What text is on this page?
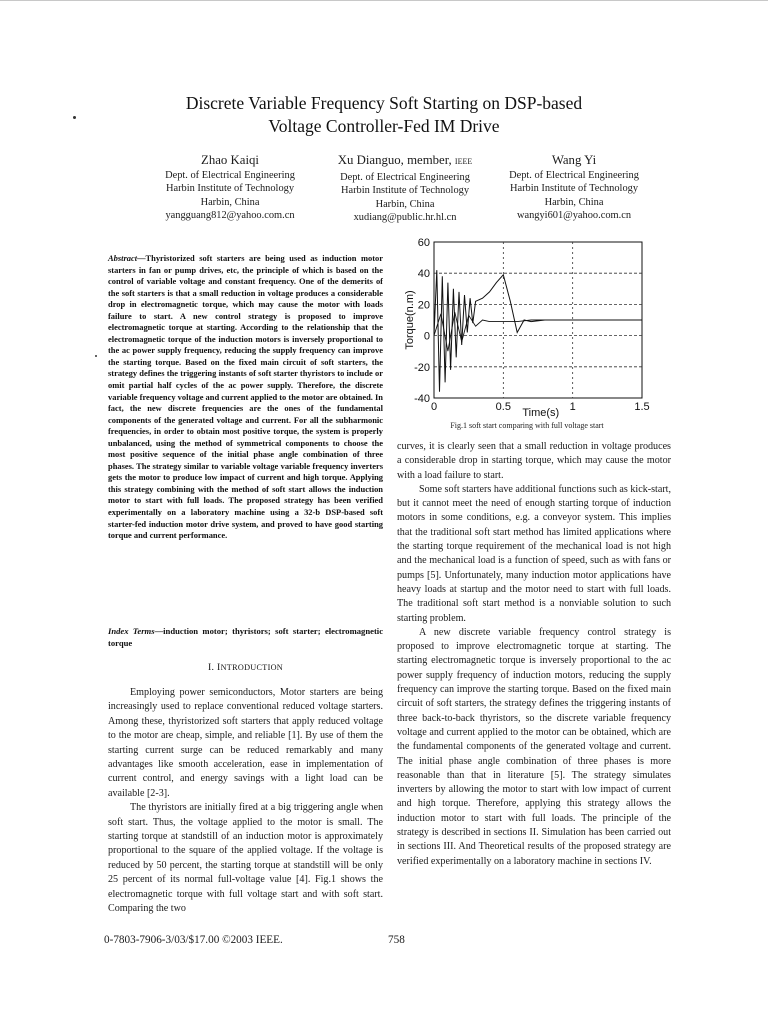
Discrete Variable Frequency Soft Starting on DSP-based
Voltage Controller-Fed IM Drive
Zhao Kaiqi
Dept. of Electrical Engineering
Harbin Institute of Technology
Harbin, China
yangguang812@yahoo.com.cn
Xu Dianguo, member, IEEE
Dept. of Electrical Engineering
Harbin Institute of Technology
Harbin, China
xudiang@public.hr.hl.cn
Wang Yi
Dept. of Electrical Engineering
Harbin Institute of Technology
Harbin, China
wangyi601@yahoo.com.cn
Abstract—Thyristorized soft starters are being used as induction motor starters in fan or pump drives, etc, the principle of which is based on the control of variable voltage and constant frequency. One of the demerits of the soft starters is that a small reduction in voltage produces a considerable drop in electromagnetic torque, which may cause the motor with loads failure to start. A new control strategy is proposed to improve electromagnetic torque at starting. According to the relationship that the electromagnetic torque of the induction motors is inversely proportional to the ac power supply frequency, reducing the supply frequency can improve the starting torque. Based on the fixed main circuit of soft starters, the strategy defines the triggering instants of soft starter thyristors to include or omit partial half cycles of the ac power supply. Therefore, the discrete variable frequency voltage and current applied to the motor are obtained. In fact, the new discrete frequencies are the ones of the fundamental components of the generated voltage and current. For all the subharmonic frequencies, in order to obtain most positive torque, the system is properly unbalanced, using the method of symmetrical components to choose the most positive sequence of the initial phase angle combination of three phases. The strategy similar to variable voltage variable frequency inverters gets the motor to produce low impact of current and high torque. Applying this strategy combining with the method of soft start allows the induction motor to start with full loads. The proposed strategy has been verified experimentally on a laboratory machine using a 32-b DSP-based soft starter-fed induction motor drive system, and proved to have good starting torque and current performance.
Index Terms—induction motor; thyristors; soft starter; electromagnetic torque
I. INTRODUCTION

Employing power semiconductors, Motor starters are being increasingly used to replace conventional reduced voltage starters. Among these, thyristorized soft starters that apply reduced voltage to the motor are cheap, simple, and reliable [1]. By use of them the starting current surge can be reduced remarkably and many advantages like smooth acceleration, ease in implementation of current control, and energy savings with a light load can be available [2-3].

The thyristors are initially fired at a big triggering angle when soft start. Thus, the voltage applied to the motor is small. The starting torque at standstill of an induction motor is approximately proportional to the square of the applied voltage. If the voltage is reduced by 50 percent, the starting torque at standstill will be only 25 percent of its normal full-voltage value [4]. Fig.1 shows the electromagnetic torque with full voltage start and with soft start. Comparing the two

60
40
20
0
-20
-40
0	0.5	1	1.5
Time(s)
Torque(n.m)
Fig.1 soft start comparing with full voltage start

curves, it is clearly seen that a small reduction in voltage produces a considerable drop in starting torque, which may cause the motor with a load failure to start.

Some soft starters have additional functions such as kick-start, but it cannot meet the need of enough starting torque of induction motors in some conditions, e.g. a conveyor system. This implies that the traditional soft start method has limited applications where the starting torque requirement of the mechanical load is not high and the mechanical load is a function of speed, such as with fans or pumps [5]. Unfortunately, many induction motor applications have heavy loads at startup and the motor need to start with full loads. The traditional soft start method is a nonviable solution to such starting problem.

A new discrete variable frequency control strategy is proposed to improve electromagnetic torque at starting. The starting electromagnetic torque is inversely proportional to the ac power supply frequency of induction motors, reducing the supply frequency can improve the starting torque. Based on the fixed main circuit of soft starters, the strategy defines the triggering instants of three back-to-back thyristors, so the discrete variable frequency voltage and current applied to the motor can be obtained, which are the fundamental components of the generated voltage and current. The initial phase angle combination of three phases is more reasonable than that in literature [5]. The strategy simulates inverters by allowing the motor to start with low impact of current and high torque. Therefore, applying this strategy allows the induction motor to start with full loads. The principle of the strategy is described in sections II. Simulation has been carried out in sections III. And Theoretical results of the proposed strategy are verified experimentally on a laboratory machine in sections IV.

0-7803-7906-3/03/$17.00 ©2003 IEEE.	758
